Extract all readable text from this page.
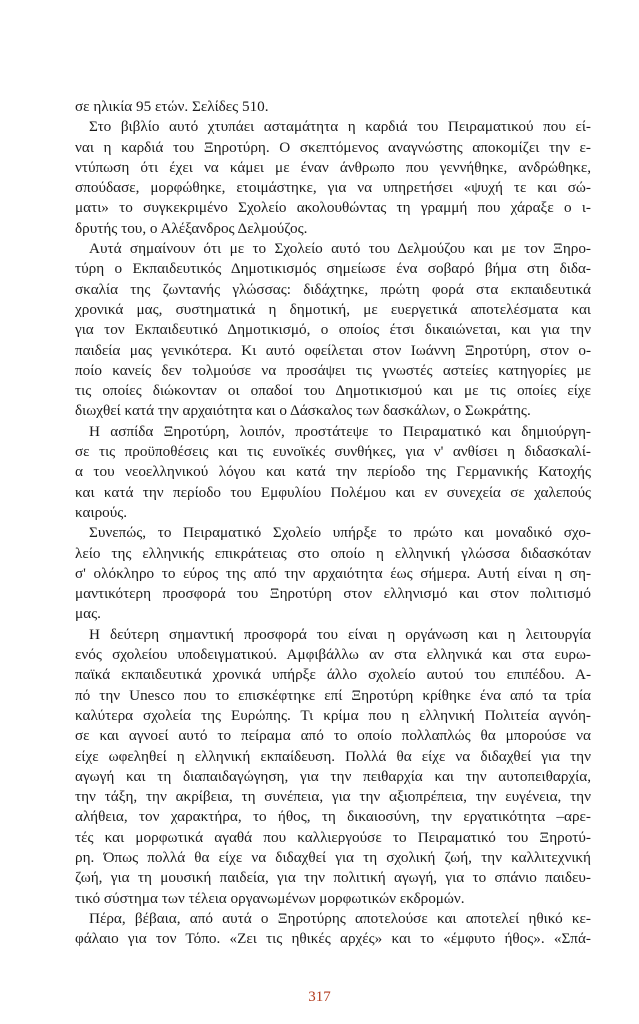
σε ηλικία 95 ετών. Σελίδες 510.
Στο βιβλίο αυτό χτυπάει ασταμάτητα η καρδιά του Πειραματικού που εί-
ναι η καρδιά του Ξηροτύρη. Ο σκεπτόμενος αναγνώστης αποκομίζει την ε-
ντύπωση ότι έχει να κάμει με έναν άνθρωπο που γεννήθηκε, ανδρώθηκε,
σπούδασε, μορφώθηκε, ετοιμάστηκε, για να υπηρετήσει «ψυχή τε και σώ-
ματι» το συγκεκριμένο Σχολείο ακολουθώντας τη γραμμή που χάραξε ο ι-
δρυτής του, ο Αλέξανδρος Δελμούζος.
Αυτά σημαίνουν ότι με το Σχολείο αυτό του Δελμούζου και με τον Ξηρο-
τύρη ο Εκπαιδευτικός Δημοτικισμός σημείωσε ένα σοβαρό βήμα στη διδα-
σκαλία της ζωντανής γλώσσας: διδάχτηκε, πρώτη φορά στα εκπαιδευτικά
χρονικά μας, συστηματικά η δημοτική, με ευεργετικά αποτελέσματα και
για τον Εκπαιδευτικό Δημοτικισμό, ο οποίος έτσι δικαιώνεται, και για την
παιδεία μας γενικότερα. Κι αυτό οφείλεται στον Ιωάννη Ξηροτύρη, στον ο-
ποίο κανείς δεν τολμούσε να προσάψει τις γνωστές αστείες κατηγορίες με
τις οποίες διώκονταν οι οπαδοί του Δημοτικισμού και με τις οποίες είχε
διωχθεί κατά την αρχαιότητα και ο Δάσκαλος των δασκάλων, ο Σωκράτης.
Η ασπίδα Ξηροτύρη, λοιπόν, προστάτεψε το Πειραματικό και δημιούργη-
σε τις προϋποθέσεις και τις ευνοϊκές συνθήκες, για ν' ανθίσει η διδασκαλί-
α του νεοελληνικού λόγου και κατά την περίοδο της Γερμανικής Κατοχής
και κατά την περίοδο του Εμφυλίου Πολέμου και εν συνεχεία σε χαλεπούς
καιρούς.
Συνεπώς, το Πειραματικό Σχολείο υπήρξε το πρώτο και μοναδικό σχο-
λείο της ελληνικής επικράτειας στο οποίο η ελληνική γλώσσα διδασκόταν
σ' ολόκληρο το εύρος της από την αρχαιότητα έως σήμερα. Αυτή είναι η ση-
μαντικότερη προσφορά του Ξηροτύρη στον ελληνισμό και στον πολιτισμό
μας.
Η δεύτερη σημαντική προσφορά του είναι η οργάνωση και η λειτουργία
ενός σχολείου υποδειγματικού. Αμφιβάλλω αν στα ελληνικά και στα ευρω-
παϊκά εκπαιδευτικά χρονικά υπήρξε άλλο σχολείο αυτού του επιπέδου. Α-
πό την Unesco που το επισκέφτηκε επί Ξηροτύρη κρίθηκε ένα από τα τρία
καλύτερα σχολεία της Ευρώπης. Τι κρίμα που η ελληνική Πολιτεία αγνόη-
σε και αγνοεί αυτό το πείραμα από το οποίο πολλαπλώς θα μπορούσε να
είχε ωφεληθεί η ελληνική εκπαίδευση. Πολλά θα είχε να διδαχθεί για την
αγωγή και τη διαπαιδαγώγηση, για την πειθαρχία και την αυτοπειθαρχία,
την τάξη, την ακρίβεια, τη συνέπεια, για την αξιοπρέπεια, την ευγένεια, την
αλήθεια, τον χαρακτήρα, το ήθος, τη δικαιοσύνη, την εργατικότητα –αρε-
τές και μορφωτικά αγαθά που καλλιεργούσε το Πειραματικό του Ξηροτύ-
ρη. Όπως πολλά θα είχε να διδαχθεί για τη σχολική ζωή, την καλλιτεχνική
ζωή, για τη μουσική παιδεία, για την πολιτική αγωγή, για το σπάνιο παιδευ-
τικό σύστημα των τέλεια οργανωμένων μορφωτικών εκδρομών.
Πέρα, βέβαια, από αυτά ο Ξηροτύρης αποτελούσε και αποτελεί ηθικό κε-
φάλαιο για τον Τόπο. «Ζει τις ηθικές αρχές» και το «έμφυτο ήθος». «Σπά-
317
